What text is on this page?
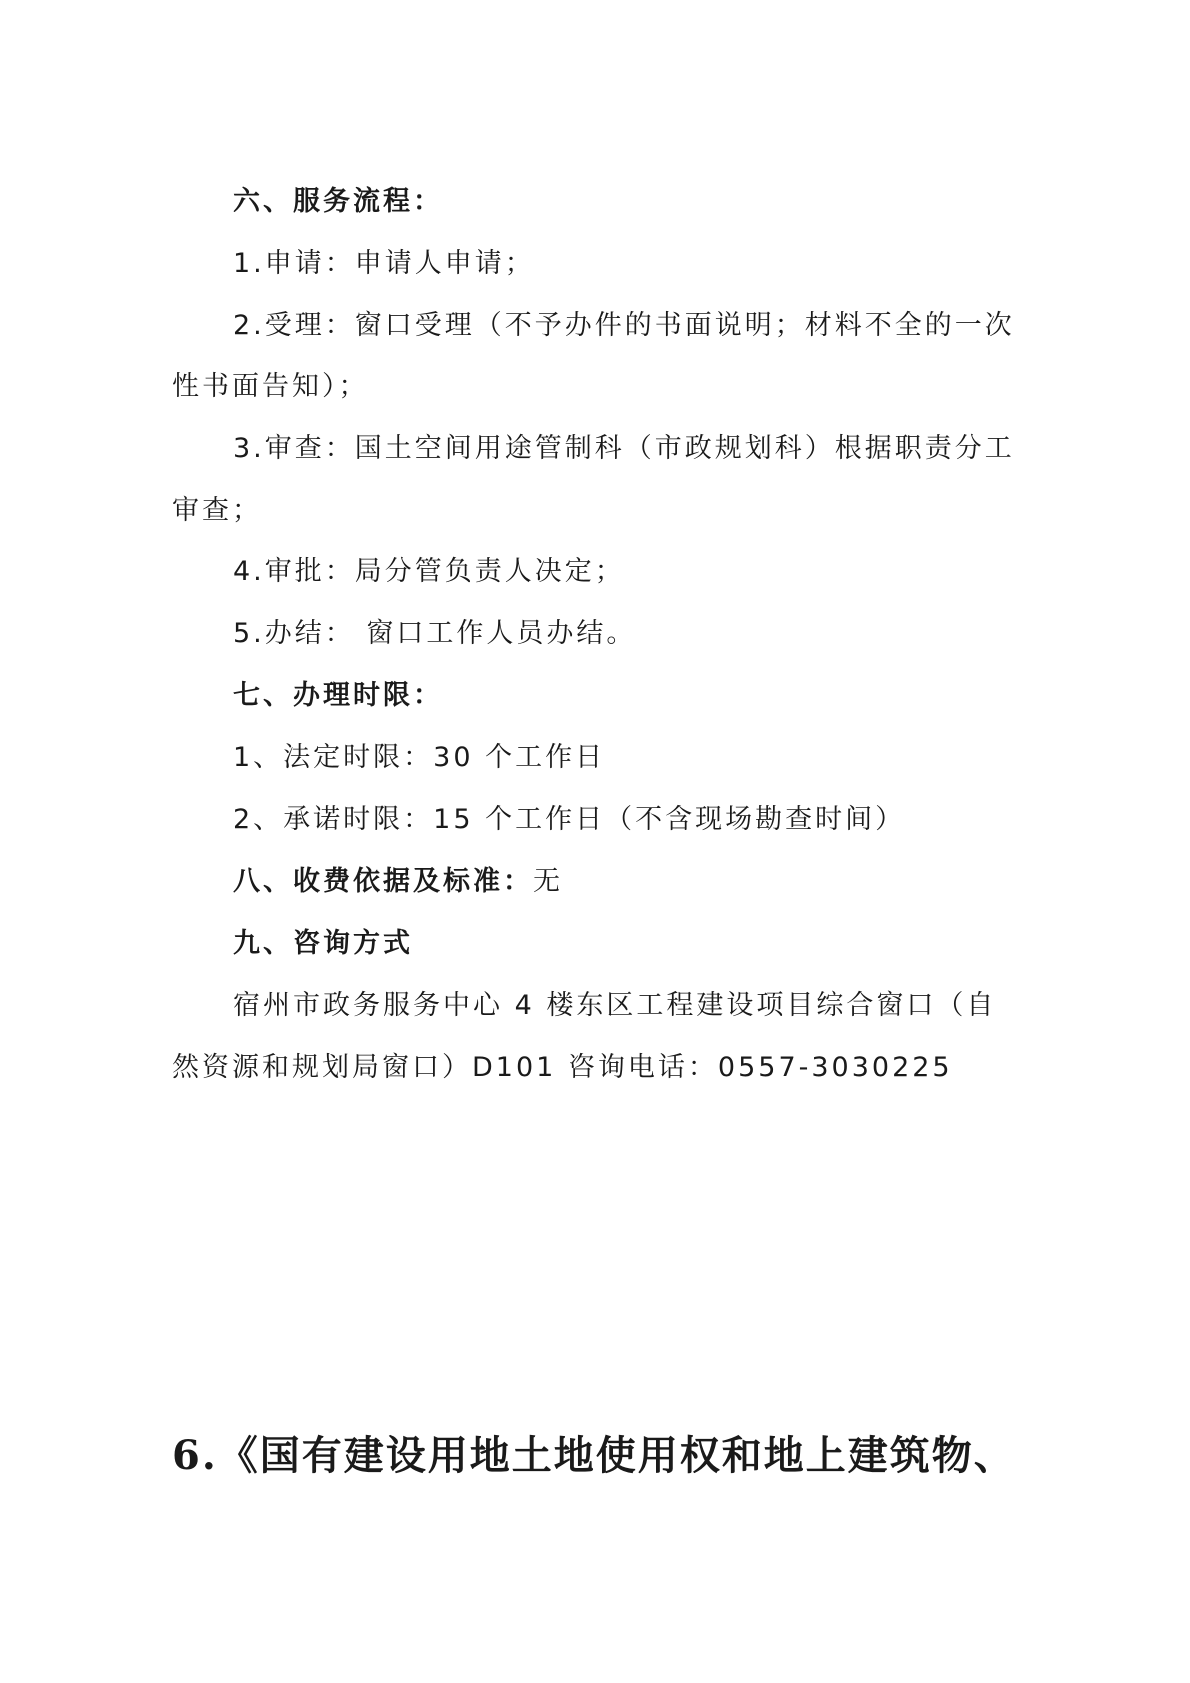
六、服务流程：
1.申请：申请人申请；
2.受理：窗口受理（不予办件的书面说明；材料不全的一次
性书面告知）；
3.审查：国土空间用途管制科（市政规划科）根据职责分工
审查；
4.审批：局分管负责人决定；
5.办结： 窗口工作人员办结。
七、办理时限：
1、法定时限：30 个工作日
2、承诺时限：15 个工作日（不含现场勘查时间）
八、收费依据及标准：无
九、咨询方式
宿州市政务服务中心 4 楼东区工程建设项目综合窗口（自
然资源和规划局窗口）D101 咨询电话：0557-3030225
6.《国有建设用地土地使用权和地上建筑物、
